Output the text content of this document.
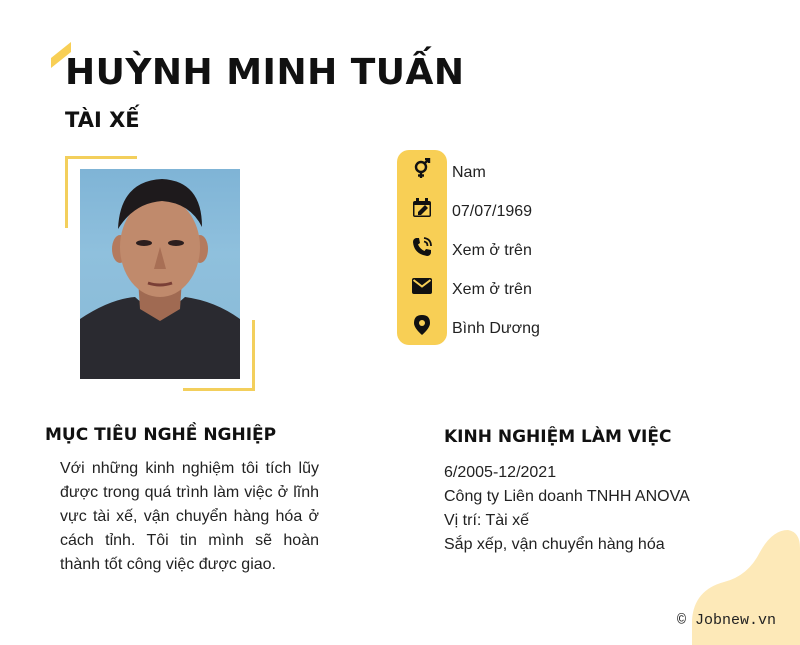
HUỲNH MINH TUẤN
TÀI XẾ
Nam
07/07/1969
Xem ở trên
Xem ở trên
Bình Dương
MỤC TIÊU NGHỀ NGHIỆP
Với những kinh nghiệm tôi tích lũy được trong quá trình làm việc ở lĩnh vực tài xế, vận chuyển hàng hóa ở cách tỉnh. Tôi tin mình sẽ hoàn thành tốt công việc được giao.
KINH NGHIỆM LÀM VIỆC
6/2005-12/2021
Công ty Liên doanh TNHH ANOVA
Vị trí: Tài xế
Sắp xếp, vận chuyển hàng hóa
© Jobnew.vn
